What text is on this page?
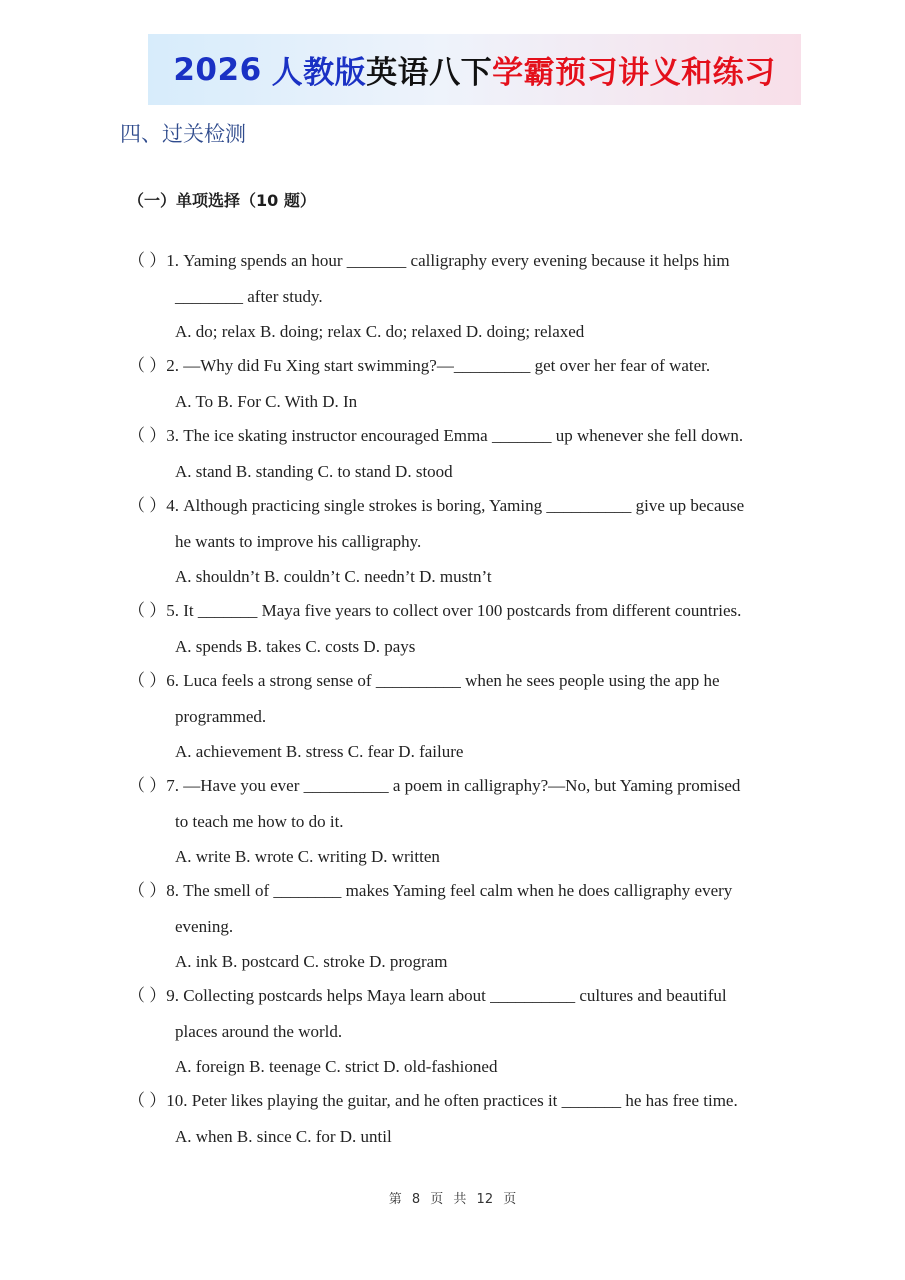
2026 人教版 英语八下 学霸预习讲义和练习
四、过关检测
（一）单项选择（10 题）
（ ）1. Yaming spends an hour _______ calligraphy every evening because it helps him
________ after study.
A. do; relax B. doing; relax C. do; relaxed D. doing; relaxed
（ ）2. —Why did Fu Xing start swimming?—_________ get over her fear of water.
A. To B. For C. With D. In
（ ）3. The ice skating instructor encouraged Emma _______ up whenever she fell down.
A. stand B. standing C. to stand D. stood
（ ）4. Although practicing single strokes is boring, Yaming __________ give up because
he wants to improve his calligraphy.
A. shouldn’t B. couldn’t C. needn’t D. mustn’t
（ ）5. It _______ Maya five years to collect over 100 postcards from different countries.
A. spends B. takes C. costs D. pays
（ ）6. Luca feels a strong sense of __________ when he sees people using the app he
programmed.
A. achievement B. stress C. fear D. failure
（ ）7. —Have you ever __________ a poem in calligraphy?—No, but Yaming promised
to teach me how to do it.
A. write B. wrote C. writing D. written
（ ）8. The smell of ________ makes Yaming feel calm when he does calligraphy every
evening.
A. ink B. postcard C. stroke D. program
（ ）9. Collecting postcards helps Maya learn about __________ cultures and beautiful
places around the world.
A. foreign B. teenage C. strict D. old-fashioned
（ ）10. Peter likes playing the guitar, and he often practices it _______ he has free time.
A. when B. since C. for D. until
第 8 页 共 12 页
